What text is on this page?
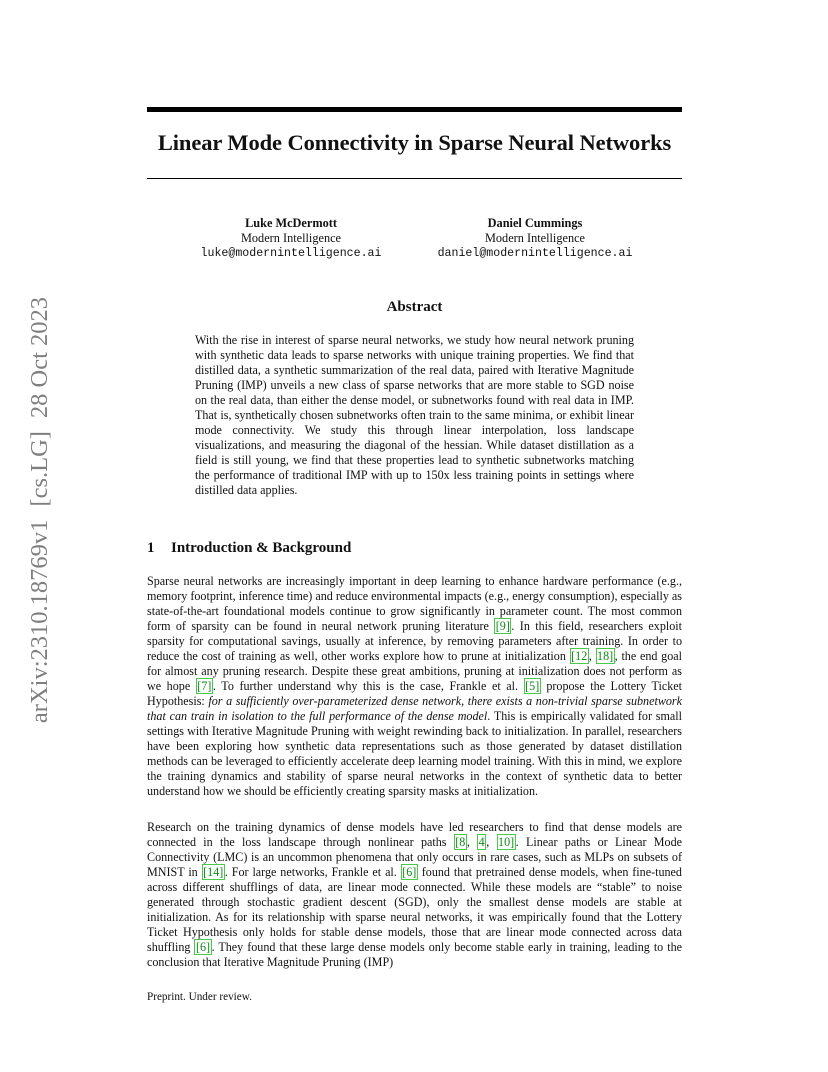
Linear Mode Connectivity in Sparse Neural Networks
arXiv:2310.18769v1[cs.LG]28 Oct 2023
Luke McDermott
Modern Intelligence
luke@modernintelligence.ai
Daniel Cummings
Modern Intelligence
daniel@modernintelligence.ai
Abstract
With the rise in interest of sparse neural networks, we study how neural network pruning with synthetic data leads to sparse networks with unique training properties. We find that distilled data, a synthetic summarization of the real data, paired with Iterative Magnitude Pruning (IMP) unveils a new class of sparse networks that are more stable to SGD noise on the real data, than either the dense model, or subnetworks found with real data in IMP. That is, synthetically chosen subnetworks often train to the same minima, or exhibit linear mode connectivity. We study this through linear interpolation, loss landscape visualizations, and measuring the diagonal of the hessian. While dataset distillation as a field is still young, we find that these properties lead to synthetic subnetworks matching the performance of traditional IMP with up to 150x less training points in settings where distilled data applies.
1 Introduction & Background
Sparse neural networks are increasingly important in deep learning to enhance hardware performance (e.g., memory footprint, inference time) and reduce environmental impacts (e.g., energy consumption), especially as state-of-the-art foundational models continue to grow significantly in parameter count. The most common form of sparsity can be found in neural network pruning literature [9] . In this field, researchers exploit sparsity for computational savings, usually at inference, by removing parameters after training. In order to reduce the cost of training as well, other works explore how to prune at initialization [12 , 18] , the end goal for almost any pruning research. Despite these great ambitions, pruning at initialization does not perform as we hope [7] . To further understand why this is the case, Frankle et al. [5] propose the Lottery Ticket Hypothesis: for a sufficiently over-parameterized dense network, there exists a non-trivial sparse subnetwork that can train in isolation to the full performance of the dense model. This is empirically validated for small settings with Iterative Magnitude Pruning with weight rewinding back to initialization. In parallel, researchers have been exploring how synthetic data representations such as those generated by dataset distillation methods can be leveraged to efficiently accelerate deep learning model training. With this in mind, we explore the training dynamics and stability of sparse neural networks in the context of synthetic data to better understand how we should be efficiently creating sparsity masks at initialization.
Research on the training dynamics of dense models have led researchers to find that dense models are connected in the loss landscape through nonlinear paths [8 , 4 , 10] . Linear paths or Linear Mode Connectivity (LMC) is an uncommon phenomena that only occurs in rare cases, such as MLPs on subsets of MNIST in [14] . For large networks, Frankle et al. [6] found that pretrained dense models, when fine-tuned across different shufflings of data, are linear mode connected. While these models are “stable” to noise generated through stochastic gradient descent (SGD), only the smallest dense models are stable at initialization. As for its relationship with sparse neural networks, it was empirically found that the Lottery Ticket Hypothesis only holds for stable dense models, those that are linear mode connected across data shuffling [6] . They found that these large dense models only become stable early in training, leading to the conclusion that Iterative Magnitude Pruning (IMP)
Preprint. Under review.
